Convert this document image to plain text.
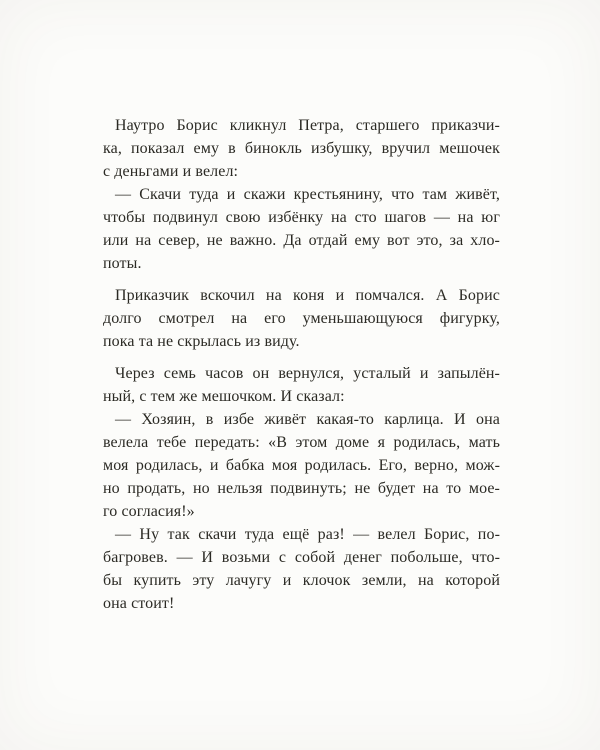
Наутро Борис кликнул Петра, старшего приказчи-
ка, показал ему в бинокль избушку, вручил мешочек
с деньгами и велел:
— Скачи туда и скажи крестьянину, что там живёт,
чтобы подвинул свою избёнку на сто шагов — на юг
или на север, не важно. Да отдай ему вот это, за хло-
поты.
Приказчик вскочил на коня и помчался. А Борис
долго смотрел на его уменьшающуюся фигурку,
пока та не скрылась из виду.
Через семь часов он вернулся, усталый и запылён-
ный, с тем же мешочком. И сказал:
— Хозяин, в избе живёт какая-то карлица. И она
велела тебе передать: «В этом доме я родилась, мать
моя родилась, и бабка моя родилась. Его, верно, мож-
но продать, но нельзя подвинуть; не будет на то мое-
го согласия!»
— Ну так скачи туда ещё раз! — велел Борис, по-
багровев. — И возьми с собой денег побольше, что-
бы купить эту лачугу и клочок земли, на которой
она стоит!
